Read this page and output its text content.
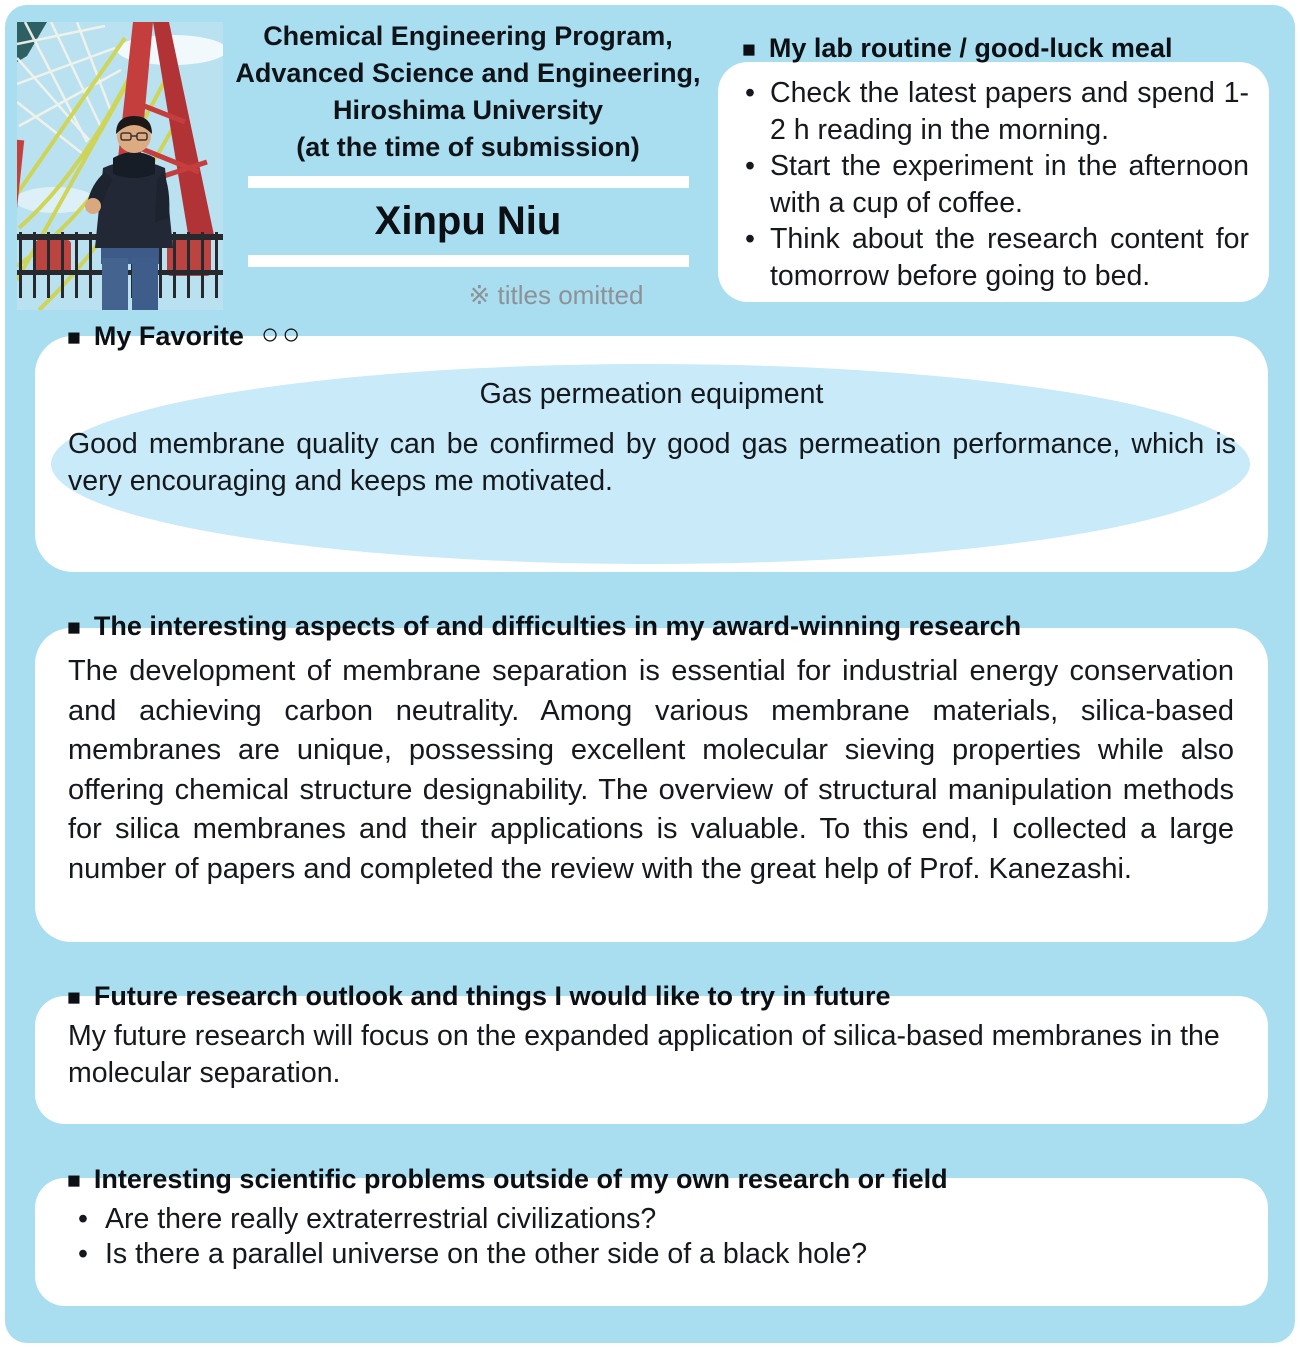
Chemical Engineering Program,
Advanced Science and Engineering,
Hiroshima University
(at the time of submission)
Xinpu Niu
※ titles omitted
■ My lab routine / good-luck meal
• Check the latest papers and spend 1-2 h reading in the morning.
• Start the experiment in the afternoon with a cup of coffee.
• Think about the research content for tomorrow before going to bed.
■ My Favorite ○○
Gas permeation equipment
Good membrane quality can be confirmed by good gas permeation performance, which is very encouraging and keeps me motivated.
■ The interesting aspects of and difficulties in my award-winning research
The development of membrane separation is essential for industrial energy conservation and achieving carbon neutrality. Among various membrane materials, silica-based membranes are unique, possessing excellent molecular sieving properties while also offering chemical structure designability. The overview of structural manipulation methods for silica membranes and their applications is valuable. To this end, I collected a large number of papers and completed the review with the great help of Prof. Kanezashi.
■ Future research outlook and things I would like to try in future
My future research will focus on the expanded application of silica-based membranes in the molecular separation.
■ Interesting scientific problems outside of my own research or field
• Are there really extraterrestrial civilizations?
• Is there a parallel universe on the other side of a black hole?
